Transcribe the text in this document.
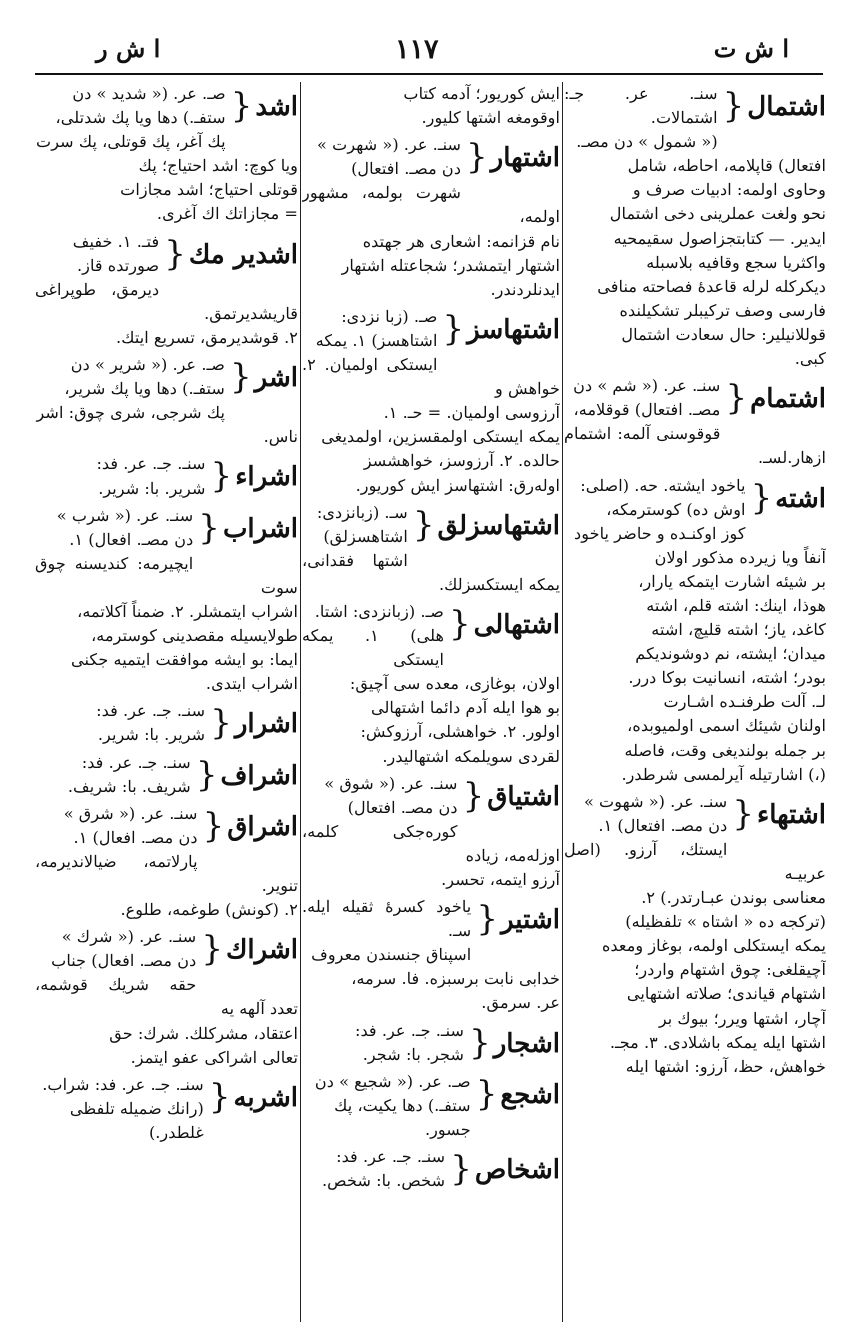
ا ش ت
١١٧
ا ش ر
اشتمال {
سنـ. عر. جـ: اشتمالات.
(« شمول » دن مصـ.
افتعال) قاپلامه، احاطه، شامل
وحاوى اولمه: ادبيات صرف و
نحو ولغت عملرينى دخى اشتمال
ايدير. — كتابتجزاصول سقيمحيه
واكثريا سجع وقافيه بلاسبله
ديكركله لرله قاعدهٔ فصاحته منافى
فارسى وصف تركيبلر تشكيلنده
قوللانيلير: حال سعادت اشتمال
كبى.
اشتمام {
سنـ. عر. (« شم » دن
مصـ. افتعال) قوقلامه،
قوقوسنى آلمه: اشتمام ازهار.لسـ.
اشته {
ياخود ايشته. حه. (اصلى:
اوش ده) كوسترمكه،
كوز اوكنـده و حاضر ياخود
آنفاً ويا زيرده مذكور اولان
بر شيئه اشارت ايتمكه يارار،
هوذا، اينك: اشته قلم، اشته
كاغد، ياز؛ اشته قليچ، اشته
ميدان؛ ايشته، نم دوشونديكم
بودر؛ اشته، انسانيت بوكا درر.
لـ. آلت طرفنـده اشـارت
اولنان شيئك اسمى اولميوبده،
بر جمله بولنديغى وقت، فاصله
(،) اشارتيله آيرلمسى شرطدر.
اشتهاء {
سنـ. عر. (« شهوت »
دن مصـ. افتعال) ١.
ايستك، آرزو. (اصل عربيـه
معناسى بوندن عبـارتدر.) ٢.
(تركجه ده « اشتاه » تلفظيله)
يمكه ايستكلى اولمه، بوغاز ومعده
آچيقلغى: چوق اشتهام واردر؛
اشتهام قياندى؛ صلاته اشتهايى
آچار، اشتها ويرر؛ بيوك بر
اشتها ايله يمكه باشلادى. ٣. مجـ.
خواهش، حظ، آرزو: اشتها ايله
ايش كوريور؛ آدمه كتاب
اوقومغه اشتها كليور.
اشتهار {
سنـ. عر. (« شهرت »
دن مصـ. افتعال)
شهرت بولمه، مشهور اولمه،
نام قزانمه: اشعارى هر جهتده
اشتهار ايتمشدر؛ شجاعتله اشتهار
ايدنلردندر.
اشتهاسز {
صـ. (زبا نزدى:
اشتاهسز) ١. يمكه
ايستكى اولميان. ٢. خواهش و
آرزوسى اولميان. = حـ. ١.
يمكه ايستكى اولمقسزين، اولمديغى
حالده. ٢. آرزوسز، خواهشسز
اولەرق: اشتهاسز ايش كوريور.
اشتهاسزلق {
سـ. (زبانزدى:
اشتاهسزلق)
اشتها فقدانى، يمكه ايستكسزلك.
اشتهالى {
صـ. (زبانزدى: اشتا.
هلى) ١. يمكه ايستكى
اولان، بوغازى، معده سى آچيق:
بو هوا ايله آدم دائما اشتهالى
اولور. ٢. خواهشلى، آرزوكش:
لقردى سويلمكه اشتهاليدر.
اشتياق {
سنـ. عر. (« شوق »
دن مصـ. افتعال)
كورەجكى كلمه، اوزلەمه، زياده
آرزو ايتمه، تحسر.
اشتير {
ياخود كسرهٔ ثقيله ايله. سـ.
اسپناق جنسندن معروف
خدابى نابت برسبزه. فا. سرمه،
عر. سرمق.
اشجار {
سنـ. جـ. عر. فد:
شجر. با: شجر.
اشجع {
صـ. عر. (« شجيع » دن
ستفـ.) دها يكيت، پك
جسور.
اشخاص {
سنـ. جـ. عر. فد:
شخص. با: شخص.
اشد {
صـ. عر. (« شديد » دن
ستفـ.) دها ويا پك شدتلى،
پك آغر، پك قوتلى، پك سرت
ويا كوچ: اشد احتياج؛ پك
قوتلى احتياج؛ اشد مجازات
= مجازاتك اك آغرى.
اشدير مك {
فتـ. ١. خفيف
صورتده قاز.
ديرمق، طوپراغى قاريشديرتمق.
٢. قوشديرمق، تسريع ايتك.
اشر {
صـ. عر. (« شرير » دن
ستفـ.) دها ويا پك شرير،
پك شرجى، شرى چوق: اشر
ناس.
اشراء {
سنـ. جـ. عر. فد:
شرير. با: شرير.
اشراب {
سنـ. عر. (« شرب »
دن مصـ. افعال) ١.
ايچيرمه: كنديسنه چوق سوت
اشراب ايتمشلر. ٢. ضمناً آكلاتمه،
طولايسيله مقصدينى كوسترمه،
ايما: بو ايشه موافقت ايتميه جكنى
اشراب ايتدى.
اشرار {
سنـ. جـ. عر. فد:
شرير. با: شرير.
اشراف {
سنـ. جـ. عر. فد:
شريف. با: شريف.
اشراق {
سنـ. عر. (« شرق »
دن مصـ. افعال) ١.
پارلاتمه، ضيالانديرمه، تنوير.
٢. (كونش) طوغمه، طلوع.
اشراك {
سنـ. عر. (« شرك »
دن مصـ. افعال) جناب
حقه شريك قوشمه، تعدد آلهه يه
اعتقاد، مشركلك. شرك: حق
تعالى اشراكى عفو ايتمز.
اشربه {
سنـ. جـ. عر. فد: شراب.
(رانك ضميله تلفظى
غلطدر.)
